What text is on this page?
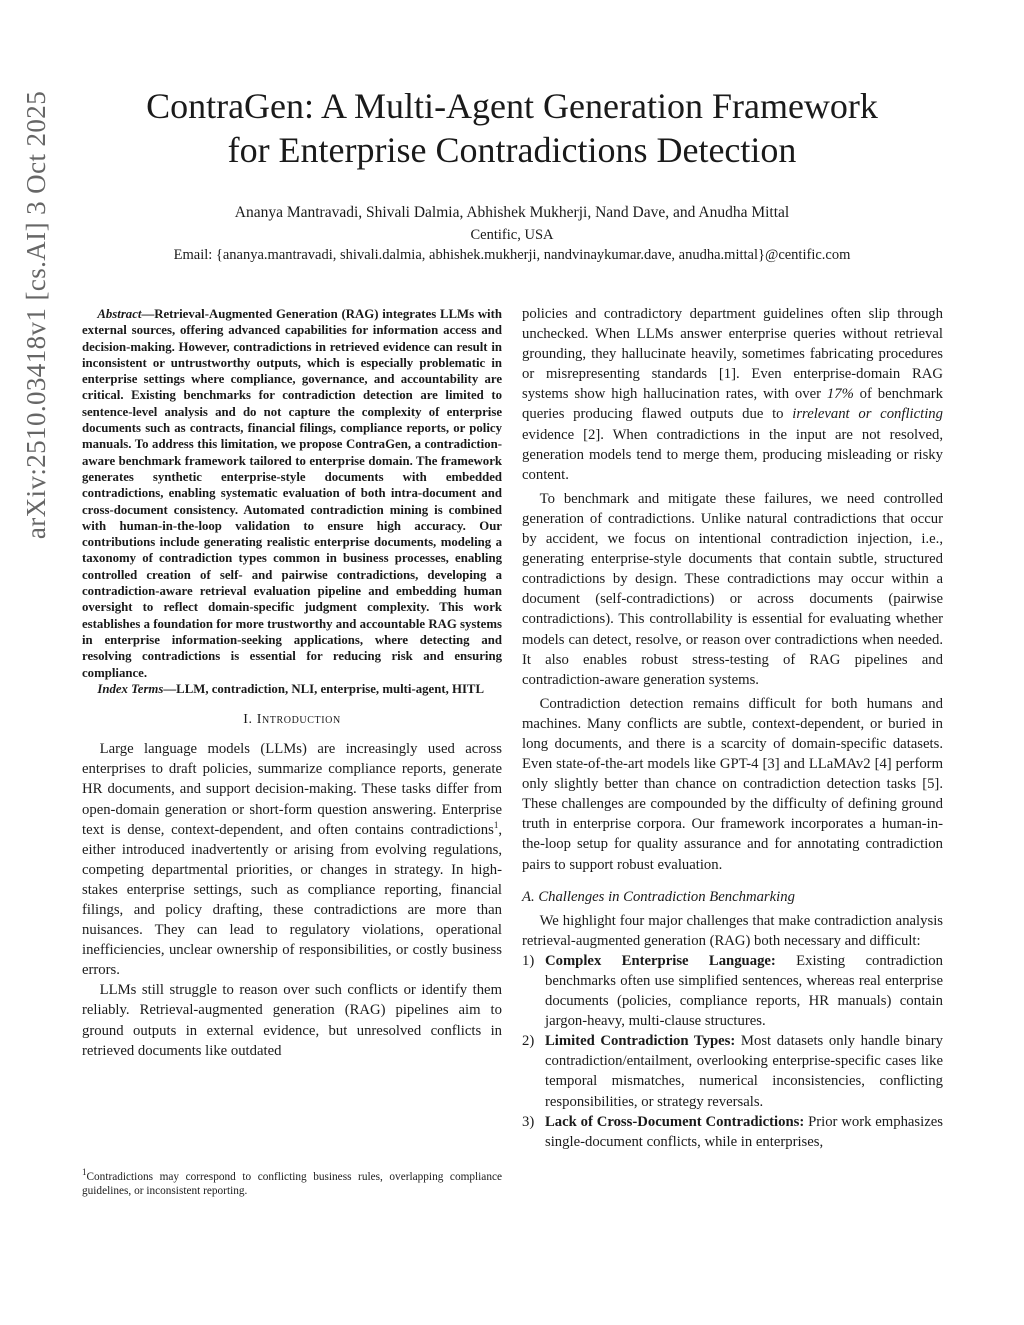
ContraGen: A Multi-Agent Generation Framework
for Enterprise Contradictions Detection
Ananya Mantravadi, Shivali Dalmia, Abhishek Mukherji, Nand Dave, and Anudha Mittal
Centific, USA
Email: {ananya.mantravadi, shivali.dalmia, abhishek.mukherji, nandvinaykumar.dave, anudha.mittal}@centific.com
arXiv:2510.03418v1 [cs.AI] 3 Oct 2025	Abstract—Retrieval-Augmented Generation (RAG) integrates LLMs with external sources, offering advanced capabilities for information access and decision-making. However, contradictions in retrieved evidence can result in inconsistent or untrustworthy outputs, which is especially problematic in enterprise settings where compliance, governance, and accountability are critical. Existing benchmarks for contradiction detection are limited to sentence-level analysis and do not capture the complexity of enterprise documents such as contracts, financial filings, compliance reports, or policy manuals. To address this limitation, we propose ContraGen, a contradiction-aware benchmark framework tailored to enterprise domain. The framework generates synthetic enterprise-style documents with embedded contradictions, enabling systematic evaluation of both intra-document and cross-document consistency. Automated contradiction mining is combined with human-in-the-loop validation to ensure high accuracy. Our contributions include generating realistic enterprise documents, modeling a taxonomy of contradiction types common in business processes, enabling controlled creation of self- and pairwise contradictions, developing a contradiction-aware retrieval evaluation pipeline and embedding human oversight to reflect domain-specific judgment complexity. This work establishes a foundation for more trustworthy and accountable RAG systems in enterprise information-seeking applications, where detecting and resolving contradictions is essential for reducing risk and ensuring compliance.

Index Terms—LLM, contradiction, NLI, enterprise, multi-agent, HITL

I. Introduction

Large language models (LLMs) are increasingly used across enterprises to draft policies, summarize compliance reports, generate HR documents, and support decision-making. These tasks differ from open-domain generation or short-form question answering. Enterprise text is dense, context-dependent, and often contains contradictions$^1$, either introduced inadvertently or arising from evolving regulations, competing departmental priorities, or changes in strategy. In high-stakes enterprise settings, such as compliance reporting, financial filings, and policy drafting, these contradictions are more than nuisances. They can lead to regulatory violations, operational inefficiencies, unclear ownership of responsibilities, or costly business errors.

LLMs still struggle to reason over such conflicts or identify them reliably. Retrieval-augmented generation (RAG) pipelines aim to ground outputs in external evidence, but unresolved conflicts in retrieved documents like outdated

$^1$Contradictions may correspond to conflicting business rules, overlapping compliance guidelines, or inconsistent reporting.

policies and contradictory department guidelines often slip through unchecked. When LLMs answer enterprise queries without retrieval grounding, they hallucinate heavily, sometimes fabricating procedures or misrepresenting standards [1]. Even enterprise-domain RAG systems show high hallucination rates, with over 17% of benchmark queries producing flawed outputs due to irrelevant or conflicting evidence [2]. When contradictions in the input are not resolved, generation models tend to merge them, producing misleading or risky content.

To benchmark and mitigate these failures, we need controlled generation of contradictions. Unlike natural contradictions that occur by accident, we focus on intentional contradiction injection, i.e., generating enterprise-style documents that contain subtle, structured contradictions by design. These contradictions may occur within a document (self-contradictions) or across documents (pairwise contradictions). This controllability is essential for evaluating whether models can detect, resolve, or reason over contradictions when needed. It also enables robust stress-testing of RAG pipelines and contradiction-aware generation systems.

Contradiction detection remains difficult for both humans and machines. Many conflicts are subtle, context-dependent, or buried in long documents, and there is a scarcity of domain-specific datasets. Even state-of-the-art models like GPT-4 [3] and LLaMAv2 [4] perform only slightly better than chance on contradiction detection tasks [5]. These challenges are compounded by the difficulty of defining ground truth in enterprise corpora. Our framework incorporates a human-in-the-loop setup for quality assurance and for annotating contradiction pairs to support robust evaluation.

A. Challenges in Contradiction Benchmarking

We highlight four major challenges that make contradiction analysis retrieval-augmented generation (RAG) both necessary and difficult:

1) Complex Enterprise Language: Existing contradiction benchmarks often use simplified sentences, whereas real enterprise documents (policies, compliance reports, HR manuals) contain jargon-heavy, multi-clause structures.
2) Limited Contradiction Types: Most datasets only handle binary contradiction/entailment, overlooking enterprise-specific cases like temporal mismatches, numerical inconsistencies, conflicting responsibilities, or strategy reversals.
3) Lack of Cross-Document Contradictions: Prior work emphasizes single-document conflicts, while in enterprises,
